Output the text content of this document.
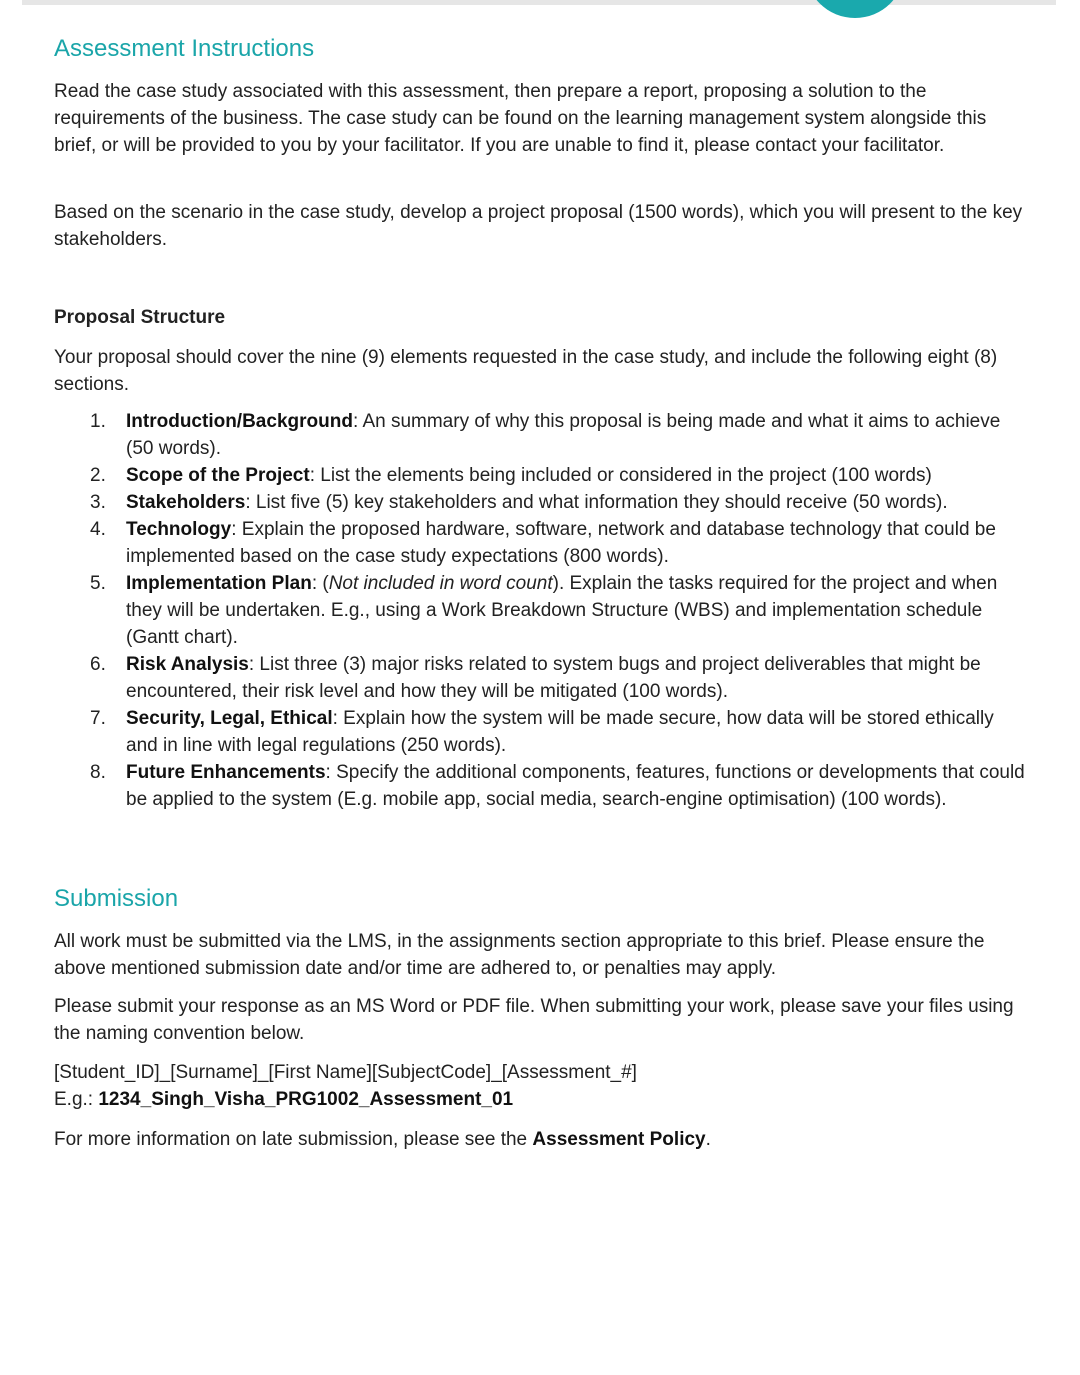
Assessment Instructions

Read the case study associated with this assessment, then prepare a report, proposing a solution to the requirements of the business. The case study can be found on the learning management system alongside this brief, or will be provided to you by your facilitator. If you are unable to find it, please contact your facilitator.

Based on the scenario in the case study, develop a project proposal (1500 words), which you will present to the key stakeholders.

Proposal Structure

Your proposal should cover the nine (9) elements requested in the case study, and include the following eight (8) sections.

1. Introduction/Background: An summary of why this proposal is being made and what it aims to achieve (50 words).
2. Scope of the Project: List the elements being included or considered in the project (100 words)
3. Stakeholders: List five (5) key stakeholders and what information they should receive (50 words).
4. Technology: Explain the proposed hardware, software, network and database technology that could be implemented based on the case study expectations (800 words).
5. Implementation Plan: (Not included in word count). Explain the tasks required for the project and when they will be undertaken. E.g., using a Work Breakdown Structure (WBS) and implementation schedule (Gantt chart).
6. Risk Analysis: List three (3) major risks related to system bugs and project deliverables that might be encountered, their risk level and how they will be mitigated (100 words).
7. Security, Legal, Ethical: Explain how the system will be made secure, how data will be stored ethically and in line with legal regulations (250 words).
8. Future Enhancements: Specify the additional components, features, functions or developments that could be applied to the system (E.g. mobile app, social media, search-engine optimisation) (100 words).
Submission

All work must be submitted via the LMS, in the assignments section appropriate to this brief. Please ensure the above mentioned submission date and/or time are adhered to, or penalties may apply.

Please submit your response as an MS Word or PDF file. When submitting your work, please save your files using the naming convention below.

[Student_ID]_[Surname]_[First Name][SubjectCode]_[Assessment_#]

E.g.: 1234_Singh_Visha_PRG1002_Assessment_01

For more information on late submission, please see the Assessment Policy.
